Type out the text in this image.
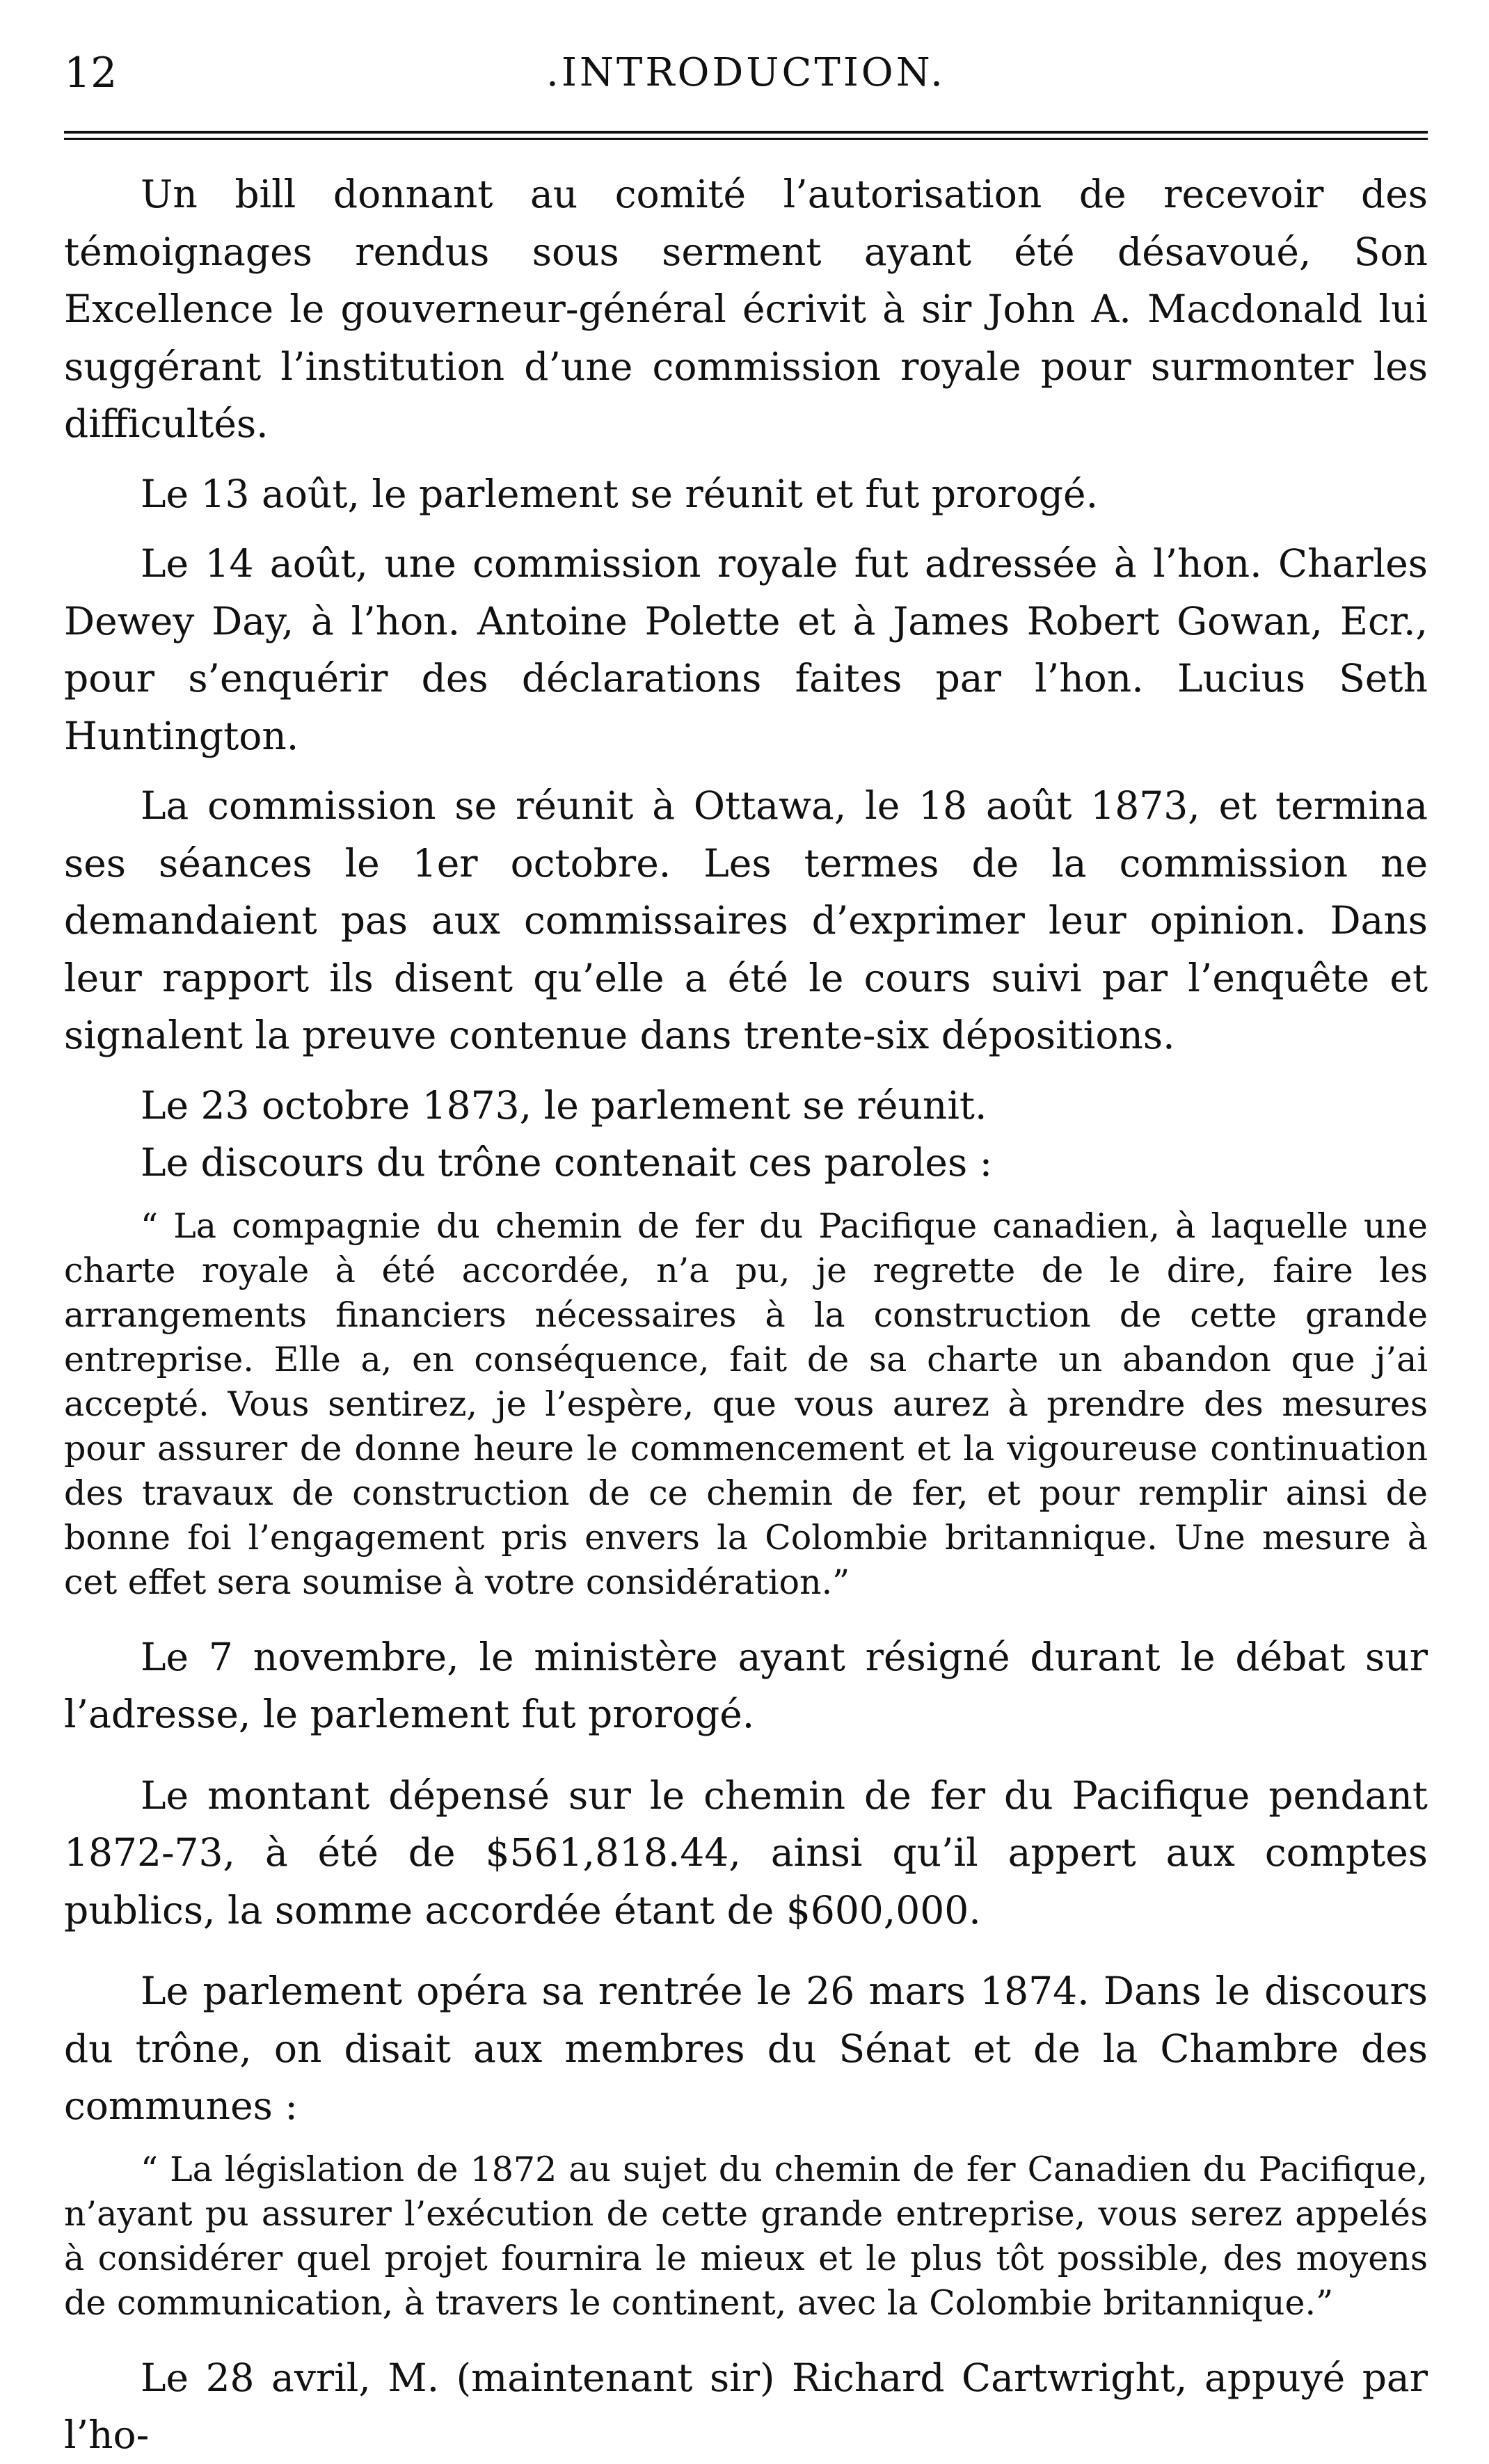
12	.INTRODUCTION.

Un bill donnant au comité l’autorisation de recevoir des témoignages rendus sous serment ayant été désavoué, Son Excellence le gouverneur-général écrivit à sir John A. Macdonald lui suggérant l’institution d’une commission royale pour surmonter les difficultés.

Le 13 août, le parlement se réunit et fut prorogé.

Le 14 août, une commission royale fut adressée à l’hon. Charles Dewey Day, à l’hon. Antoine Polette et à James Robert Gowan, Ecr., pour s’enquérir des déclarations faites par l’hon. Lucius Seth Huntington.

La commission se réunit à Ottawa, le 18 août 1873, et termina ses séances le 1er octobre. Les termes de la commission ne demandaient pas aux commissaires d’exprimer leur opinion. Dans leur rapport ils disent qu’elle a été le cours suivi par l’enquête et signalent la preuve contenue dans trente-six dépositions.

Le 23 octobre 1873, le parlement se réunit.

Le discours du trône contenait ces paroles :

“ La compagnie du chemin de fer du Pacifique canadien, à laquelle une charte royale à été accordée, n’a pu, je regrette de le dire, faire les arrangements financiers nécessaires à la construction de cette grande entreprise. Elle a, en conséquence, fait de sa charte un abandon que j’ai accepté. Vous sentirez, je l’espère, que vous aurez à prendre des mesures pour assurer de donne heure le commencement et la vigoureuse continuation des travaux de construction de ce chemin de fer, et pour remplir ainsi de bonne foi l’engagement pris envers la Colombie britannique. Une mesure à cet effet sera soumise à votre considération.”

Le 7 novembre, le ministère ayant résigné durant le débat sur l’adresse, le parlement fut prorogé.

Le montant dépensé sur le chemin de fer du Pacifique pendant 1872-73, à été de $561,818.44, ainsi qu’il appert aux comptes publics, la somme accordée étant de $600,000.

Le parlement opéra sa rentrée le 26 mars 1874. Dans le discours du trône, on disait aux membres du Sénat et de la Chambre des communes :

“ La législation de 1872 au sujet du chemin de fer Canadien du Pacifique, n’ayant pu assurer l’exécution de cette grande entreprise, vous serez appelés à considérer quel projet fournira le mieux et le plus tôt possible, des moyens de communication, à travers le continent, avec la Colombie britannique.”

Le 28 avril, M. (maintenant sir) Richard Cartwright, appuyé par l’ho-
